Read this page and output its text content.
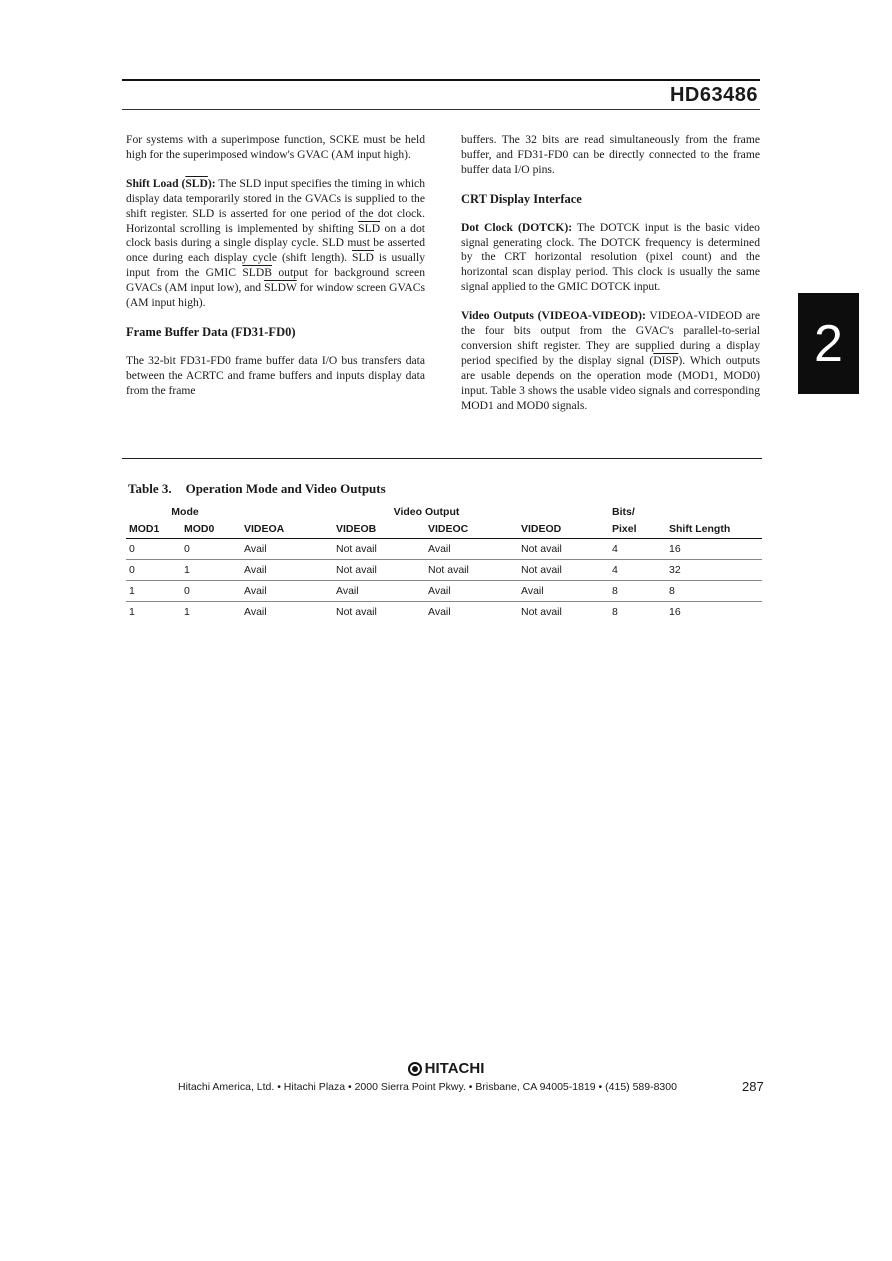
HD63486
2

For systems with a superimpose function, SCKE must be held high for the superimposed window's GVAC (AM input high).

Shift Load $(\overline{SLD})$: The SLD input specifies the timing in which display data temporarily stored in the GVACs is supplied to the shift register. SLD is asserted for one period of the dot clock. Horizontal scrolling is implemented by shifting $\overline{SLD}$ on a dot clock basis during a single display cycle. SLD must be asserted once during each display cycle (shift length). $\overline{SLD}$ is usually input from the GMIC SLDB output for background screen GVACs (AM input low), and SLDW for window screen GVACs (AM input high).

Frame Buffer Data (FD31-FD0)

The 32-bit FD31-FD0 frame buffer data I/O bus transfers data between the ACRTC and frame buffers and inputs display data from the frame

buffers. The 32 bits are read simultaneously from the frame buffer, and FD31-FD0 can be directly connected to the frame buffer data I/O pins.

CRT Display Interface

Dot Clock (DOTCK): The DOTCK input is the basic video signal generating clock. The DOTCK frequency is determined by the CRT horizontal resolution (pixel count) and the horizontal scan display period. This clock is usually the same signal applied to the GMIC DOTCK input.

Video Outputs (VIDEOA-VIDEOD): VIDEOA-VIDEOD are the four bits output from the GVAC's parallel-to-serial conversion shift register. They are supplied during a display period specified by the display signal (DISP). Which outputs are usable depends on the operation mode (MOD1, MOD0) input. Table 3 shows the usable video signals and corresponding MOD1 and MOD0 signals.

Table 3. Operation Mode and Video Outputs
Mode		Video Output				Bits/	
MOD1	MOD0	VIDEOA	VIDEOB	VIDEOC	VIDEOD	Pixel	Shift Length
0	0	Avail	Not avail	Avail	Not avail	4	16
0	1	Avail	Not avail	Not avail	Not avail	4	32
1	0	Avail	Avail	Avail	Avail	8	8
1	1	Avail	Not avail	Avail	Not avail	8	16
HITACHI
Hitachi America, Ltd. • Hitachi Plaza • 2000 Sierra Point Pkwy. • Brisbane, CA 94005-1819 • (415) 589-8300	287
